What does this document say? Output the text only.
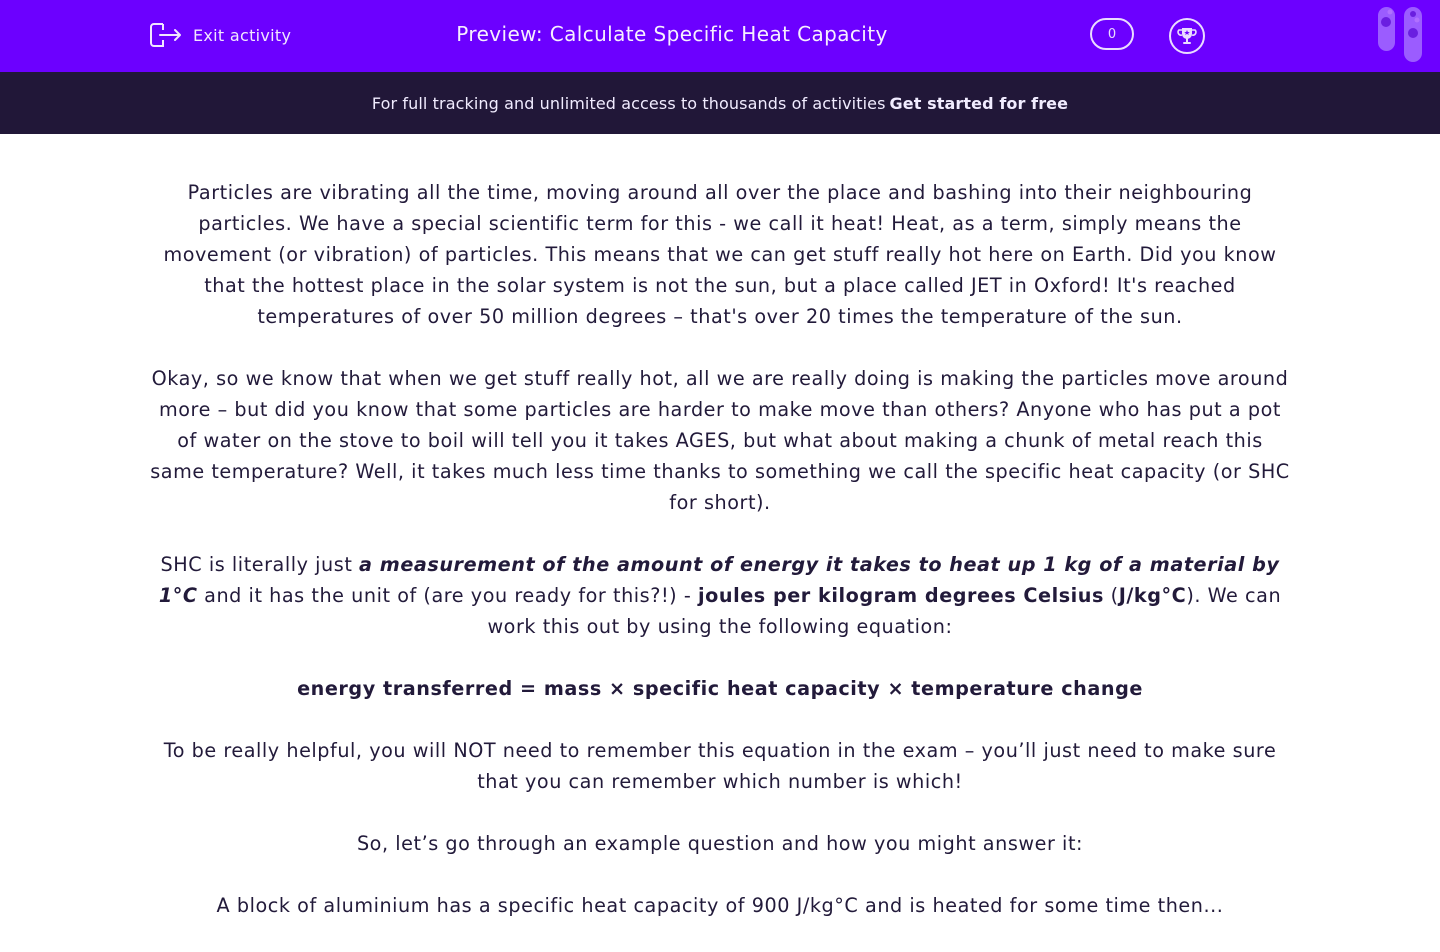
Exit activity	Preview: Calculate Specific Heat Capacity	0
For full tracking and unlimited access to thousands of activities Get started for free

Particles are vibrating all the time, moving around all over the place and bashing into their neighbouring particles. We have a special scientific term for this - we call it heat! Heat, as a term, simply means the movement (or vibration) of particles. This means that we can get stuff really hot here on Earth. Did you know that the hottest place in the solar system is not the sun, but a place called JET in Oxford! It's reached temperatures of over 50 million degrees – that's over 20 times the temperature of the sun.

Okay, so we know that when we get stuff really hot, all we are really doing is making the particles move around more – but did you know that some particles are harder to make move than others? Anyone who has put a pot of water on the stove to boil will tell you it takes AGES, but what about making a chunk of metal reach this same temperature? Well, it takes much less time thanks to something we call the specific heat capacity (or SHC for short).

SHC is literally just a measurement of the amount of energy it takes to heat up 1 kg of a material by 1°C and it has the unit of (are you ready for this?!) - joules per kilogram degrees Celsius (J/kg°C). We can work this out by using the following equation:

energy transferred = mass × specific heat capacity × temperature change

To be really helpful, you will NOT need to remember this equation in the exam – you’ll just need to make sure that you can remember which number is which!

So, let’s go through an example question and how you might answer it:

A block of aluminium has a specific heat capacity of 900 J/kg°C and is heated for some time then...
